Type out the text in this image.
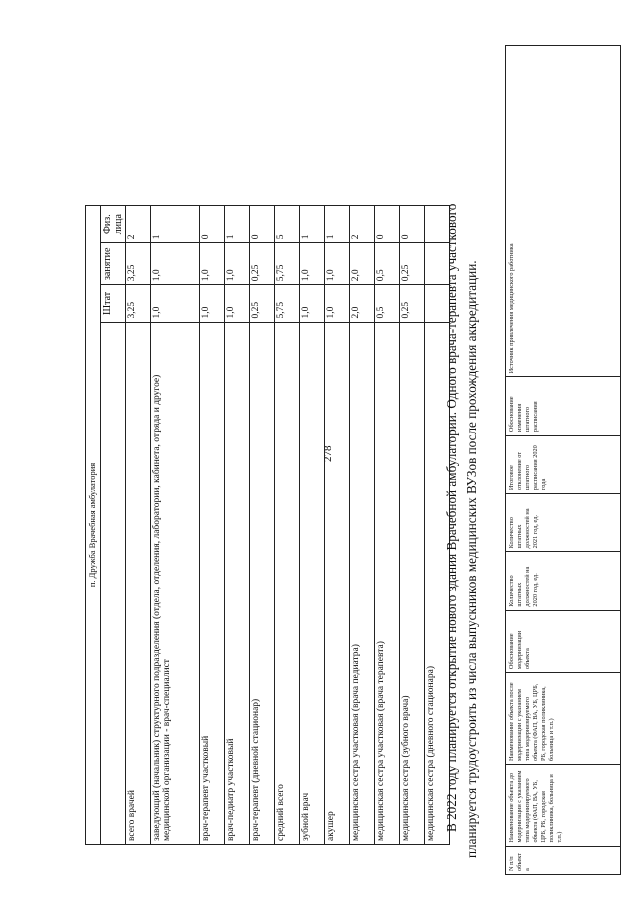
278
п. Дружба Врачебная амбулатория			
	Штат	занятие	Физ. лица
всего врачей	3,25	3,25	2
заведующий (начальник) структурного подразделения (отдела, отделения, лаборатории, кабинета, отряда и другое) медицинской организации - врач-специалист	1,0	1,0	1
врач-терапевт участковый	1,0	1,0	0
врач-педиатр участковый	1,0	1,0	1
врач-терапевт (дневной стационар)	0,25	0,25	0
средний всего	5,75	5,75	5
зубной врач	1,0	1,0	1
акушер	1,0	1,0	1
медицинская сестра участковая (врача педиатра)	2,0	2,0	2
медицинская сестра участковая (врача терапевта)	0,5	0,5	0
медицинская сестра (зубного врача)	0,25	0,25	0
медицинская сестра (дневного стационара)			В 2022 году планируется открытие нового здания Врачебной амбулатории. Одного врача-терапевта участкового планируется трудоустроить из числа выпускников медицинских ВУЗов после прохождения аккредитации.

N п/п объект а	Наименование объекта до модернизации с указанием типа модернизируемого объекта (ФАП, ВА, УБ, ЦРБ, РБ, городская поликлиника, больница и т.п.)	Наименование объекта после модернизации с указанием типа модернизируемого объекта (ФАП, ВА, УБ, ЦРБ, РБ, городская поликлиника, больница и т.п.)	Обоснование модернизации объекта	Количество штатных должностей на 2020 год, ед.	Количество штатных должностей на 2021 год, ед.	Итоговое отклонение от штатного расписания 2020 года	Обоснование изменения штатного расписания	Источник привлечения медицинского работника
